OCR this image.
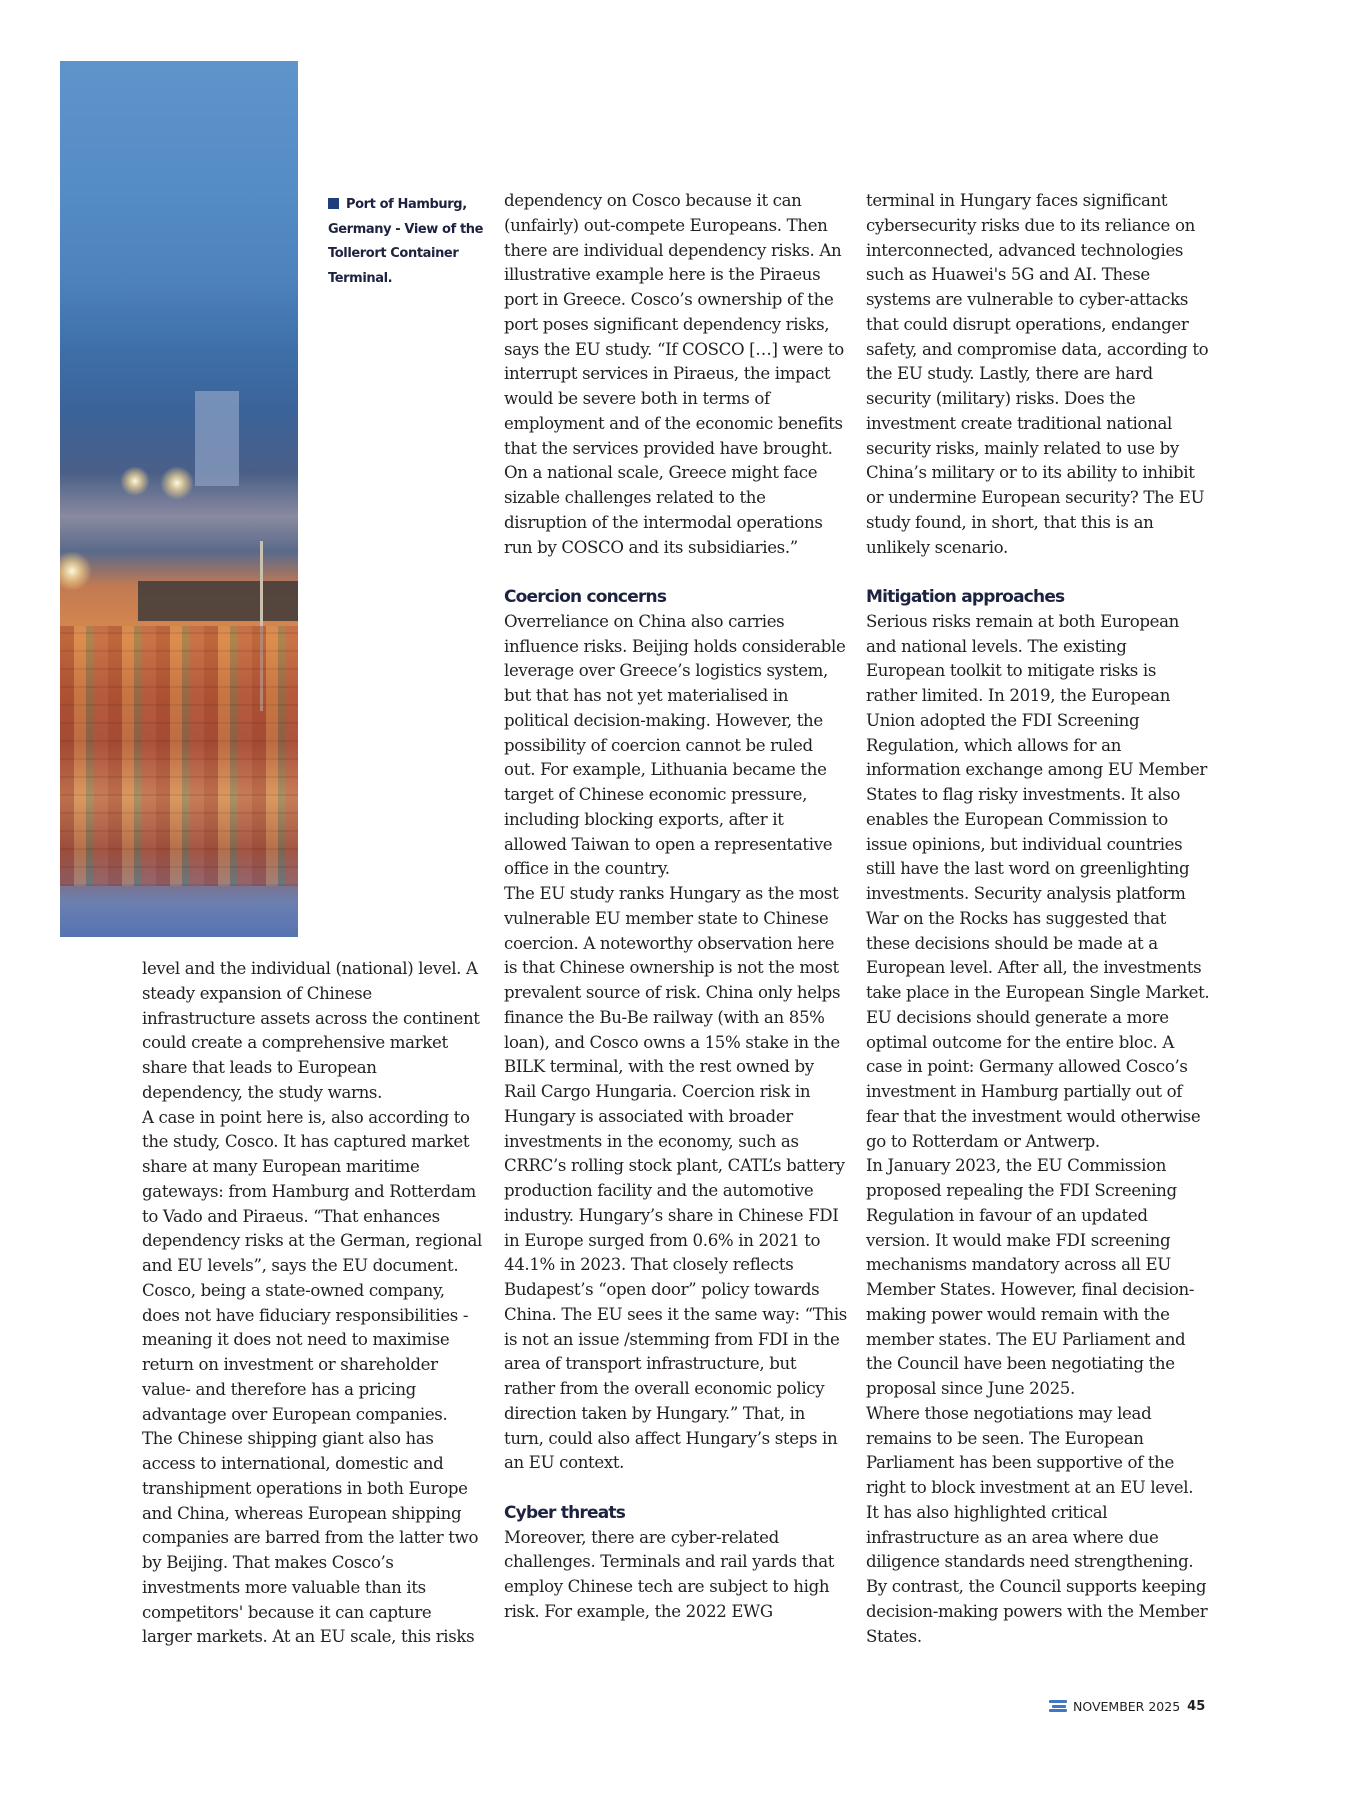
Port of Hamburg, Germany - View of the Tollerort Container Terminal.

level and the individual (national) level. A steady expansion of Chinese infrastructure assets across the continent could create a comprehensive market share that leads to European dependency, the study warns.

A case in point here is, also according to the study, Cosco. It has captured market share at many European maritime gateways: from Hamburg and Rotterdam to Vado and Piraeus. “That enhances dependency risks at the German, regional and EU levels”, says the EU document. Cosco, being a state-owned company, does not have fiduciary responsibilities - meaning it does not need to maximise return on investment or shareholder value- and therefore has a pricing advantage over European companies.

The Chinese shipping giant also has access to international, domestic and transhipment operations in both Europe and China, whereas European shipping companies are barred from the latter two by Beijing. That makes Cosco’s investments more valuable than its competitors' because it can capture larger markets. At an EU scale, this risks

dependency on Cosco because it can (unfairly) out-compete Europeans. Then there are individual dependency risks. An illustrative example here is the Piraeus port in Greece. Cosco’s ownership of the port poses significant dependency risks, says the EU study. “If COSCO […] were to interrupt services in Piraeus, the impact would be severe both in terms of employment and of the economic benefits that the services provided have brought. On a national scale, Greece might face sizable challenges related to the disruption of the intermodal operations run by COSCO and its subsidiaries.”

Coercion concerns

Overreliance on China also carries influence risks. Beijing holds considerable leverage over Greece’s logistics system, but that has not yet materialised in political decision-making. However, the possibility of coercion cannot be ruled out. For example, Lithuania became the target of Chinese economic pressure, including blocking exports, after it allowed Taiwan to open a representative office in the country.

The EU study ranks Hungary as the most vulnerable EU member state to Chinese coercion. A noteworthy observation here is that Chinese ownership is not the most prevalent source of risk. China only helps finance the Bu-Be railway (with an 85% loan), and Cosco owns a 15% stake in the BILK terminal, with the rest owned by Rail Cargo Hungaria. Coercion risk in Hungary is associated with broader investments in the economy, such as CRRC’s rolling stock plant, CATL’s battery production facility and the automotive industry. Hungary’s share in Chinese FDI in Europe surged from 0.6% in 2021 to 44.1% in 2023. That closely reflects Budapest’s “open door” policy towards China. The EU sees it the same way: “This is not an issue /stemming from FDI in the area of transport infrastructure, but rather from the overall economic policy direction taken by Hungary.” That, in turn, could also affect Hungary’s steps in an EU context.

Cyber threats

Moreover, there are cyber-related challenges. Terminals and rail yards that employ Chinese tech are subject to high risk. For example, the 2022 EWG

terminal in Hungary faces significant cybersecurity risks due to its reliance on interconnected, advanced technologies such as Huawei's 5G and AI. These systems are vulnerable to cyber-attacks that could disrupt operations, endanger safety, and compromise data, according to the EU study. Lastly, there are hard security (military) risks. Does the investment create traditional national security risks, mainly related to use by China’s military or to its ability to inhibit or undermine European security? The EU study found, in short, that this is an unlikely scenario.

Mitigation approaches

Serious risks remain at both European and national levels. The existing European toolkit to mitigate risks is rather limited. In 2019, the European Union adopted the FDI Screening Regulation, which allows for an information exchange among EU Member States to flag risky investments. It also enables the European Commission to issue opinions, but individual countries still have the last word on greenlighting investments. Security analysis platform War on the Rocks has suggested that these decisions should be made at a European level. After all, the investments take place in the European Single Market. EU decisions should generate a more optimal outcome for the entire bloc. A case in point: Germany allowed Cosco’s investment in Hamburg partially out of fear that the investment would otherwise go to Rotterdam or Antwerp.

In January 2023, the EU Commission proposed repealing the FDI Screening Regulation in favour of an updated version. It would make FDI screening mechanisms mandatory across all EU Member States. However, final decision-making power would remain with the member states. The EU Parliament and the Council have been negotiating the proposal since June 2025.

Where those negotiations may lead remains to be seen. The European Parliament has been supportive of the right to block investment at an EU level. It has also highlighted critical infrastructure as an area where due diligence standards need strengthening. By contrast, the Council supports keeping decision-making powers with the Member States.

NOVEMBER 2025 45
